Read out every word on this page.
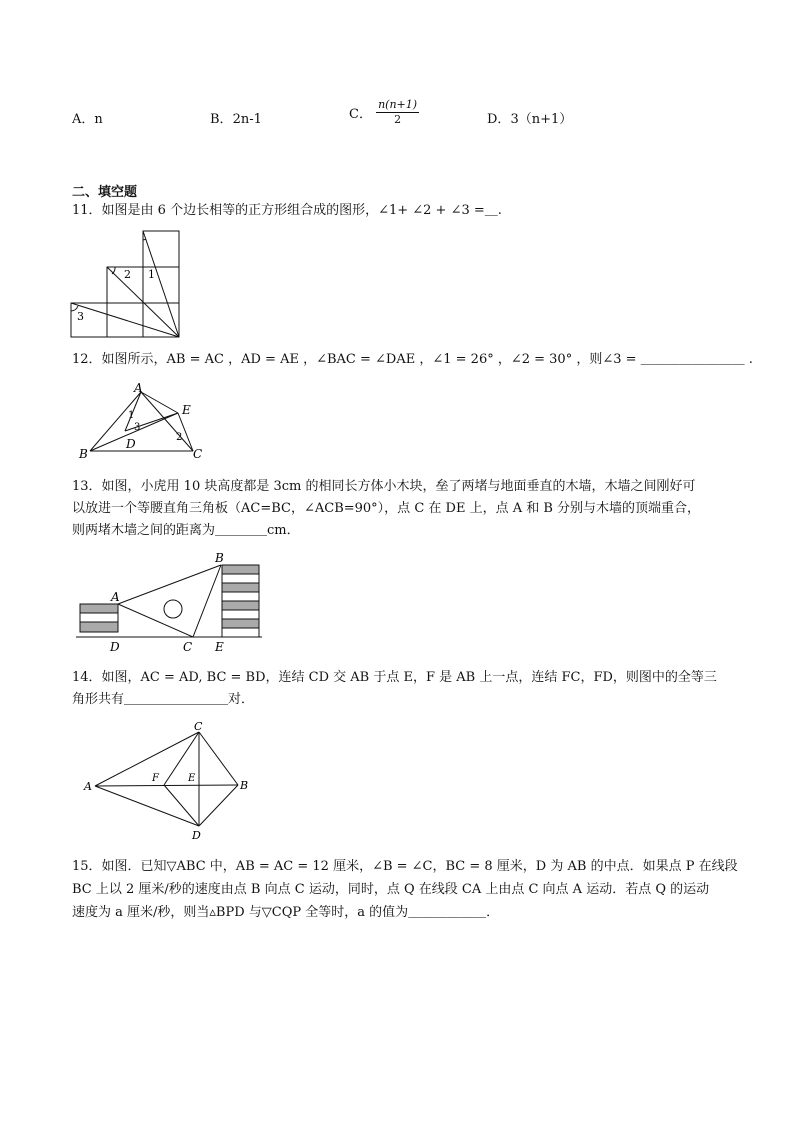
A．n	B．2n-1	C． $\frac{n(n+1)}{2}$	D．3（n+1）
二、填空题
11．如图是由 6 个边长相等的正方形组合成的图形，∠1+ ∠2 + ∠3 =＿.
1
2
3
12．如图所示，AB = AC ，AD = AE ，∠BAC = ∠DAE ，∠1 = 26° ，∠2 = 30° ，则∠3 = ＿＿＿＿＿＿＿＿ .
A
B	C
D
E
1
2
3
13．如图，小虎用 10 块高度都是 3cm 的相同长方体小木块，垒了两堵与地面垂直的木墙，木墙之间刚好可
以放进一个等腰直角三角板（AC=BC，∠ACB=90°），点 C 在 DE 上，点 A 和 B 分别与木墙的顶端重合，
则两堵木墙之间的距离为＿＿＿＿cm．
A
B
C
D	E
14．如图，AC = AD, BC = BD，连结 CD 交 AB 于点 E，F 是 AB 上一点，连结 FC，FD，则图中的全等三
角形共有＿＿＿＿＿＿＿＿对．
C
A	B
D
E
F
15．如图．已知▽ABC 中，AB = AC = 12 厘米，∠B = ∠C，BC = 8 厘米，D 为 AB 的中点．如果点 P 在线段
BC 上以 2 厘米/秒的速度由点 B 向点 C 运动，同时，点 Q 在线段 CA 上由点 C 向点 A 运动．若点 Q 的运动
速度为 a 厘米/秒，则当▵BPD 与▽CQP 全等时，a 的值为＿＿＿＿＿＿．
